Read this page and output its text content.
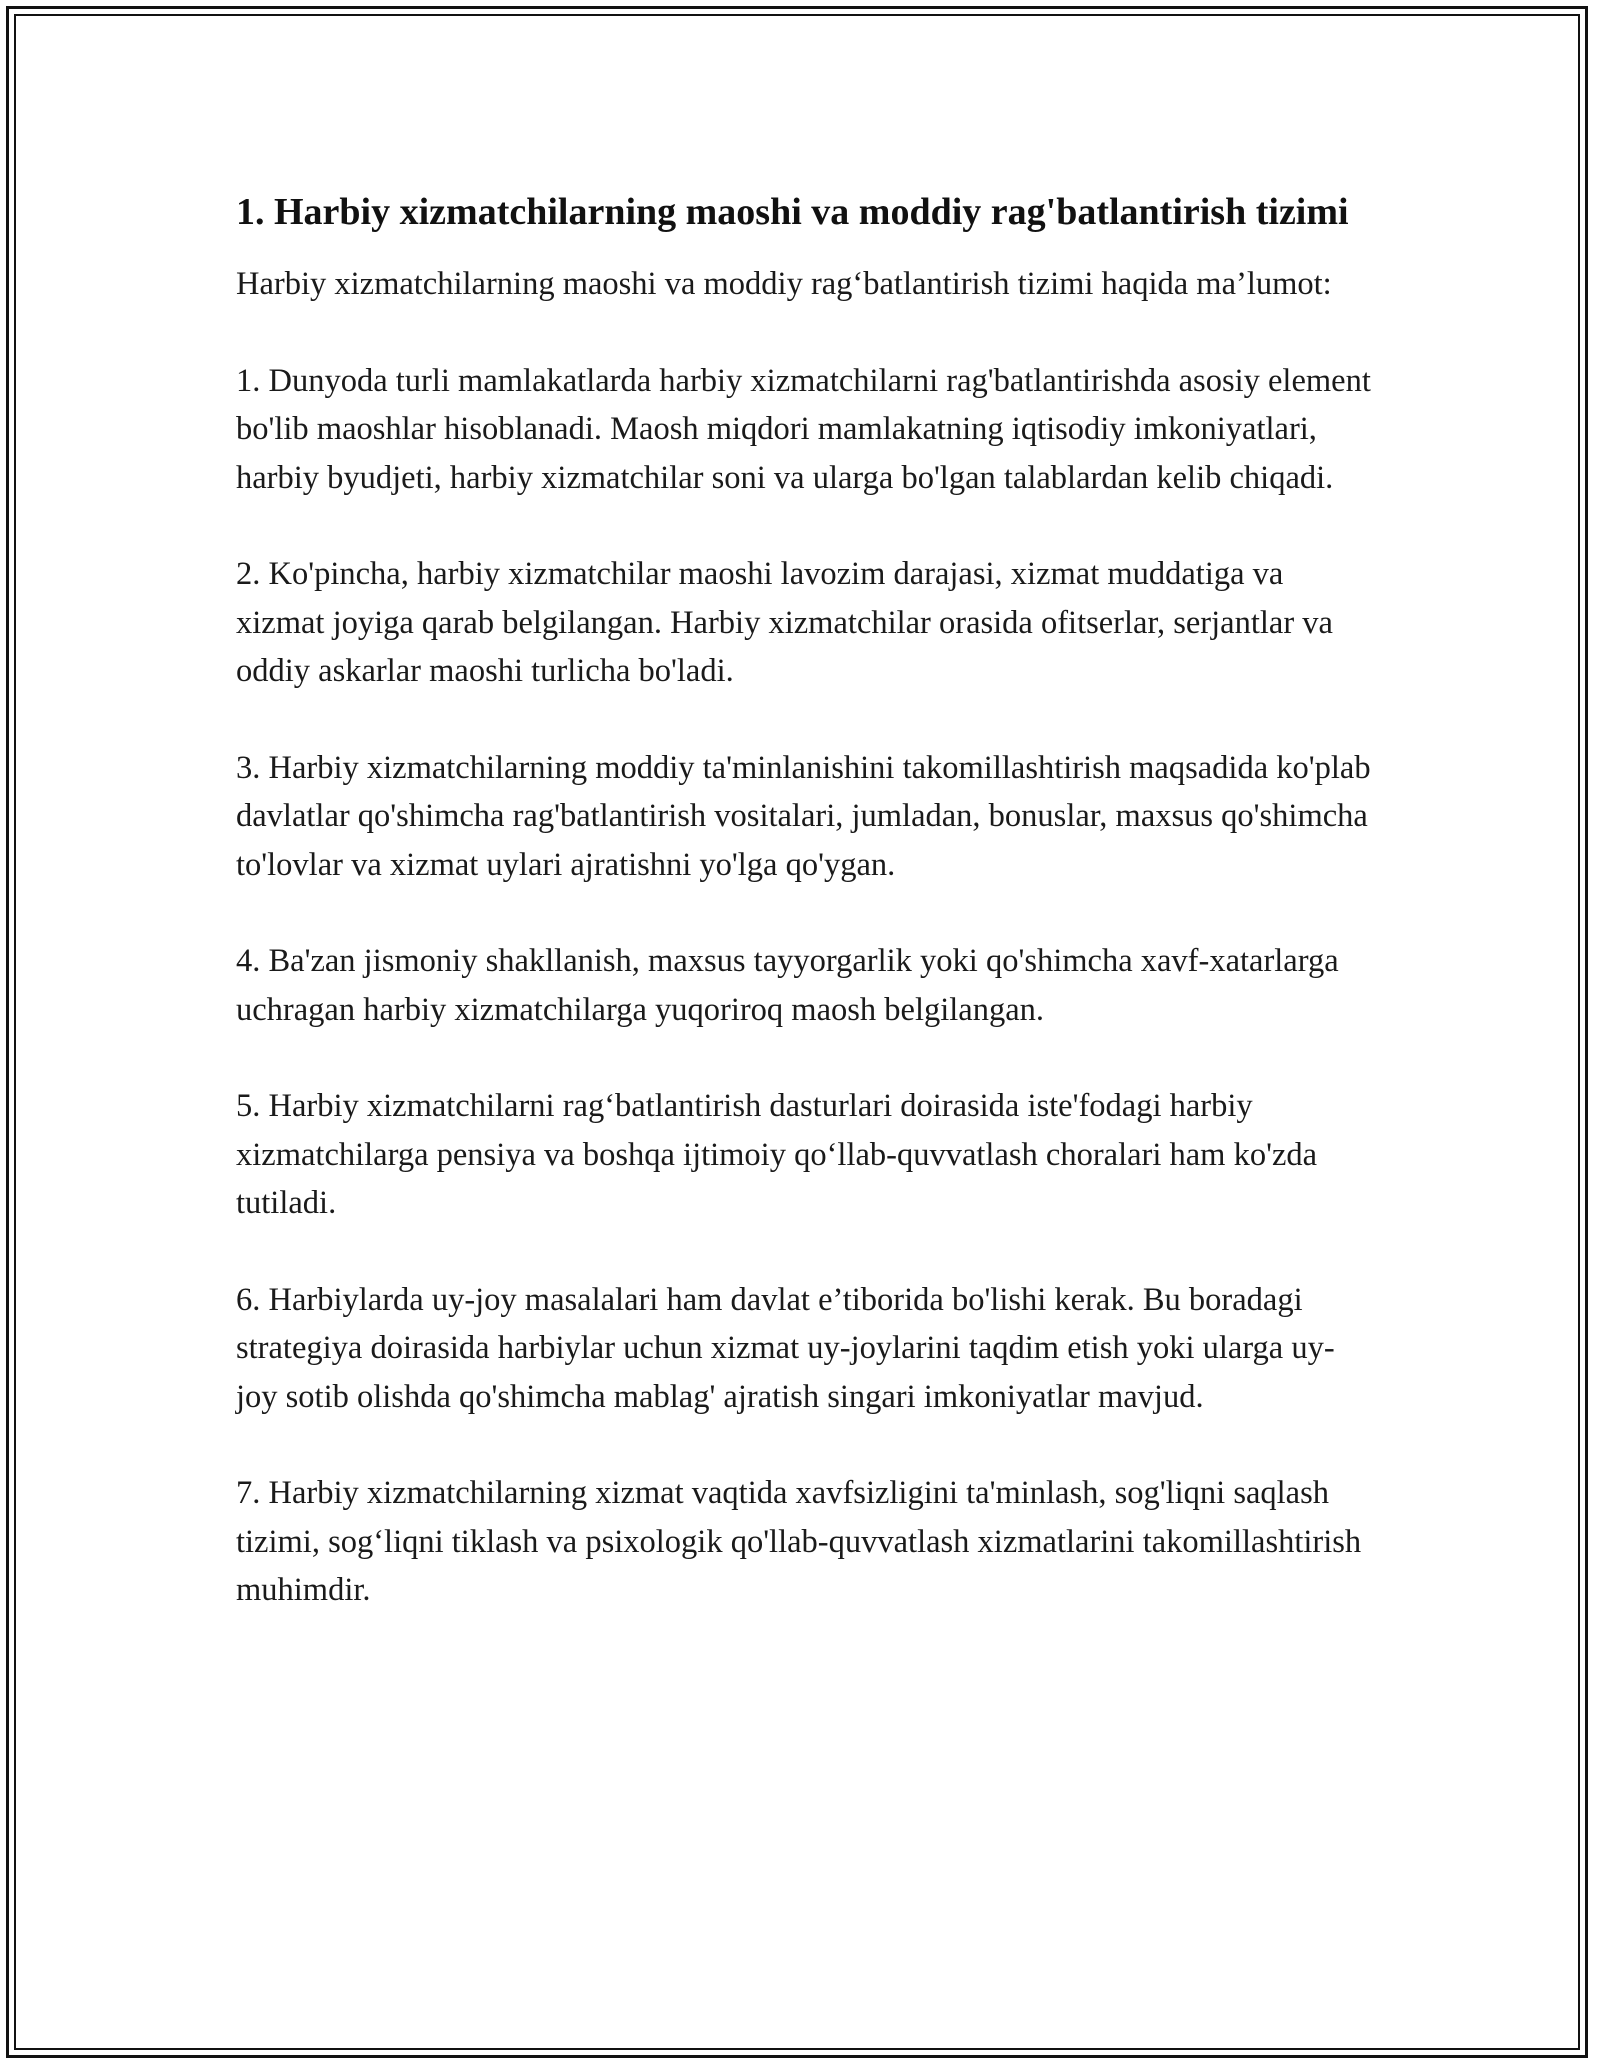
1. Harbiy xizmatchilarning maoshi va moddiy rag'batlantirish tizimi

Harbiy xizmatchilarning maoshi va moddiy rag‘batlantirish tizimi haqida ma’lumot:

1. Dunyoda turli mamlakatlarda harbiy xizmatchilarni rag'batlantirishda asosiy element bo'lib maoshlar hisoblanadi. Maosh miqdori mamlakatning iqtisodiy imkoniyatlari, harbiy byudjeti, harbiy xizmatchilar soni va ularga bo'lgan talablardan kelib chiqadi.

2. Ko'pincha, harbiy xizmatchilar maoshi lavozim darajasi, xizmat muddatiga va xizmat joyiga qarab belgilangan. Harbiy xizmatchilar orasida ofitserlar, serjantlar va oddiy askarlar maoshi turlicha bo'ladi.

3. Harbiy xizmatchilarning moddiy ta'minlanishini takomillashtirish maqsadida ko'plab davlatlar qo'shimcha rag'batlantirish vositalari, jumladan, bonuslar, maxsus qo'shimcha to'lovlar va xizmat uylari ajratishni yo'lga qo'ygan.

4. Ba'zan jismoniy shakllanish, maxsus tayyorgarlik yoki qo'shimcha xavf-xatarlarga uchragan harbiy xizmatchilarga yuqoriroq maosh belgilangan.

5. Harbiy xizmatchilarni rag‘batlantirish dasturlari doirasida iste'fodagi harbiy xizmatchilarga pensiya va boshqa ijtimoiy qo‘llab-quvvatlash choralari ham ko'zda tutiladi.

6. Harbiylarda uy-joy masalalari ham davlat e’tiborida bo'lishi kerak. Bu boradagi strategiya doirasida harbiylar uchun xizmat uy-joylarini taqdim etish yoki ularga uy-joy sotib olishda qo'shimcha mablag' ajratish singari imkoniyatlar mavjud.

7. Harbiy xizmatchilarning xizmat vaqtida xavfsizligini ta'minlash, sog'liqni saqlash tizimi, sog‘liqni tiklash va psixologik qo'llab-quvvatlash xizmatlarini takomillashtirish muhimdir.
